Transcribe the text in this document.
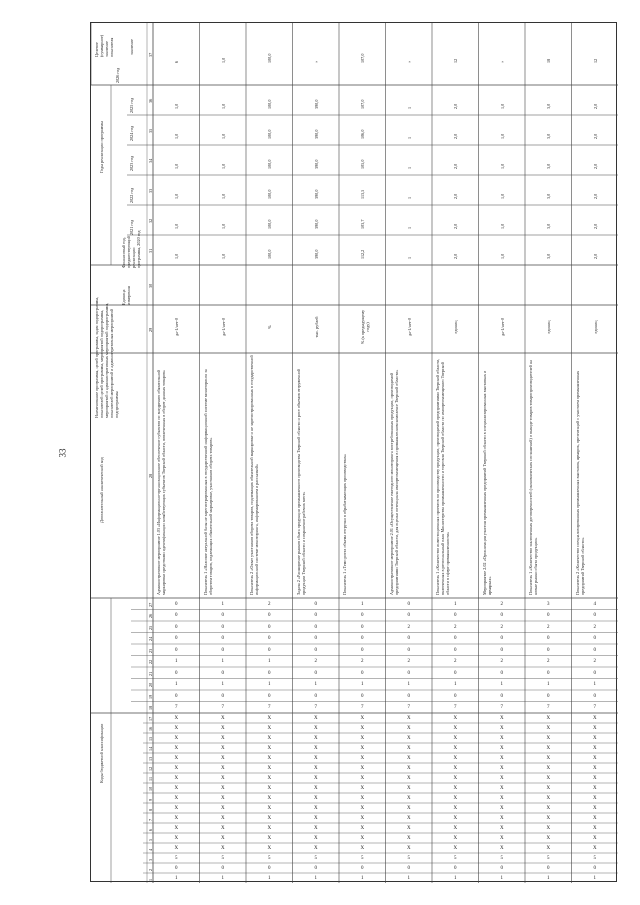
33
Коды бюджетной классификации
Дополнительный аналитический код
Наименование программы, целей программы, задач подпрограммы, показателей целей программы, мероприятий подпрограммы, мероприятий и административных мероприятий подпрограммы, показателей мероприятий и административных мероприятий подпрограммы
Единица измерения
Финансовый год, предшествующий реализации программы, 2020 год
Годы реализации программы
Целевое (суммарное) значение показателя	значение
2021 год
2022 год
2023 год
2024 год
2025 год
2026 год
1
2
3
4
5
6
7
8
9
10
11
12
13
14
15
16
17
18
19
20
21
22
23
24
25
26
27
28
29
30
31
32
33
34
35
36
37
1
0
5
X
X
X
X
X
X
X
X
X
X
X
X
X
X
7
0
1
0
1
0
0
0
0
0
Административное мероприятие 1.03 «Информационно-организационное обеспечение субъектов по внедрению обязательной маркировки средствами идентификации хозяйствующих субъектов Тверской области, вовлеченных в оборот данных товаров»
да-1/нет-0
1,0
1,0
1,0
1,0
1,0
1,0
6
1
0
5
X
X
X
X
X
X
X
X
X
X
X
X
X
X
7
0
1
0
1
0
0
0
0
1
Показатель 1 «Наличие актуальной базы не зарегистрированных в государственной информационной системе мониторинга за оборотом товаров, подлежащих обязательной маркировке, участников оборота товаров»
да-1/нет-0
1,0
1,0
1,0
1,0
1,0
1,0
1,0
1
0
5
X
X
X
X
X
X
X
X
X
X
X
X
X
X
7
0
1
0
1
0
0
0
0
2
Показатель 2 «Охват участников оборота товаров, подлежащих обязательной маркировке и не зарегистрированных в государственной информационной системе мониторинга, информированием и рассылкой»
%
100,0
100,0
100,0
100,0
100,0
100,0
100,0
1
0
5
X
X
X
X
X
X
X
X
X
X
X
X
X
X
7
0
1
0
2
0
0
0
0
0
Задача 2 «Расширение рынков сбыта продукции промышленного производства Тверской области и рост объемов отгруженной продукции Тверской области и сохранение рабочих мест»
тыс. рублей
390,0
390,0
390,0
390,0
390,0
390,0
×
1
0
5
X
X
X
X
X
X
X
X
X
X
X
X
X
X
7
0
1
0
2
0
0
0
0
1
Показатель 1 «Темп роста объема отгрузки в обрабатывающих производствах»
% (к предыдущему году)
112,2
103,7
113,5
105,0
106,0
107,0
107,0
1
0
5
X
X
X
X
X
X
X
X
X
X
X
X
X
X
7
0
1
0
2
0
0
2
0
0
Административное мероприятие 2.01 «Осуществление ежегодного мониторинга востребованных продукции, производимой предприятиями Тверской области, для оценки потенциала импортозамещения в промышленном комплексе Тверской области»
да-1/нет-0
1
1
1
1
1
1
×
1
0
5
X
X
X
X
X
X
X
X
X
X
X
X
X
X
7
0
1
0
2
0
0
2
0
1
Показатель 1 «Количество инвестиционных проектов по производству продукции, производимой предприятиями Тверской области, включенных в региональный план Министерства промышленности и торговли Тверской области по импортозамещению Тверской области в сфере промышленности»
единиц
2,0
2,0
2,0
2,0
2,0
2,0
12
1
0
5
X
X
X
X
X
X
X
X
X
X
X
X
X
X
7
0
1
0
2
0
0
2
0
2
Мероприятие 2.02 «Организация участия промышленных предприятий Тверской области в специализированных выставках и ярмарках»
да-1/нет-0
1,0
1,0
1,0
1,0
1,0
1,0
×
1
0
5
X
X
X
X
X
X
X
X
X
X
X
X
X
X
7
0
1
0
2
0
0
2
0
3
Показатель 1 «Количество заключенных договоренностей (экономических соглашений) о выходе товаров товаропроизводителей на новые рынки сбыта продукции»
единиц
3,0
3,0
3,0
3,0
3,0
3,0
18
1
0
5
X
X
X
X
X
X
X
X
X
X
X
X
X
X
7
0
1
0
2
0
0
2
0
4
Показатель 2 «Количество специализированных промышленных выставок, ярмарок, презентаций с участием промышленных предприятий Тверской области»
единиц
2,0
2,0
2,0
2,0
2,0
2,0
12
